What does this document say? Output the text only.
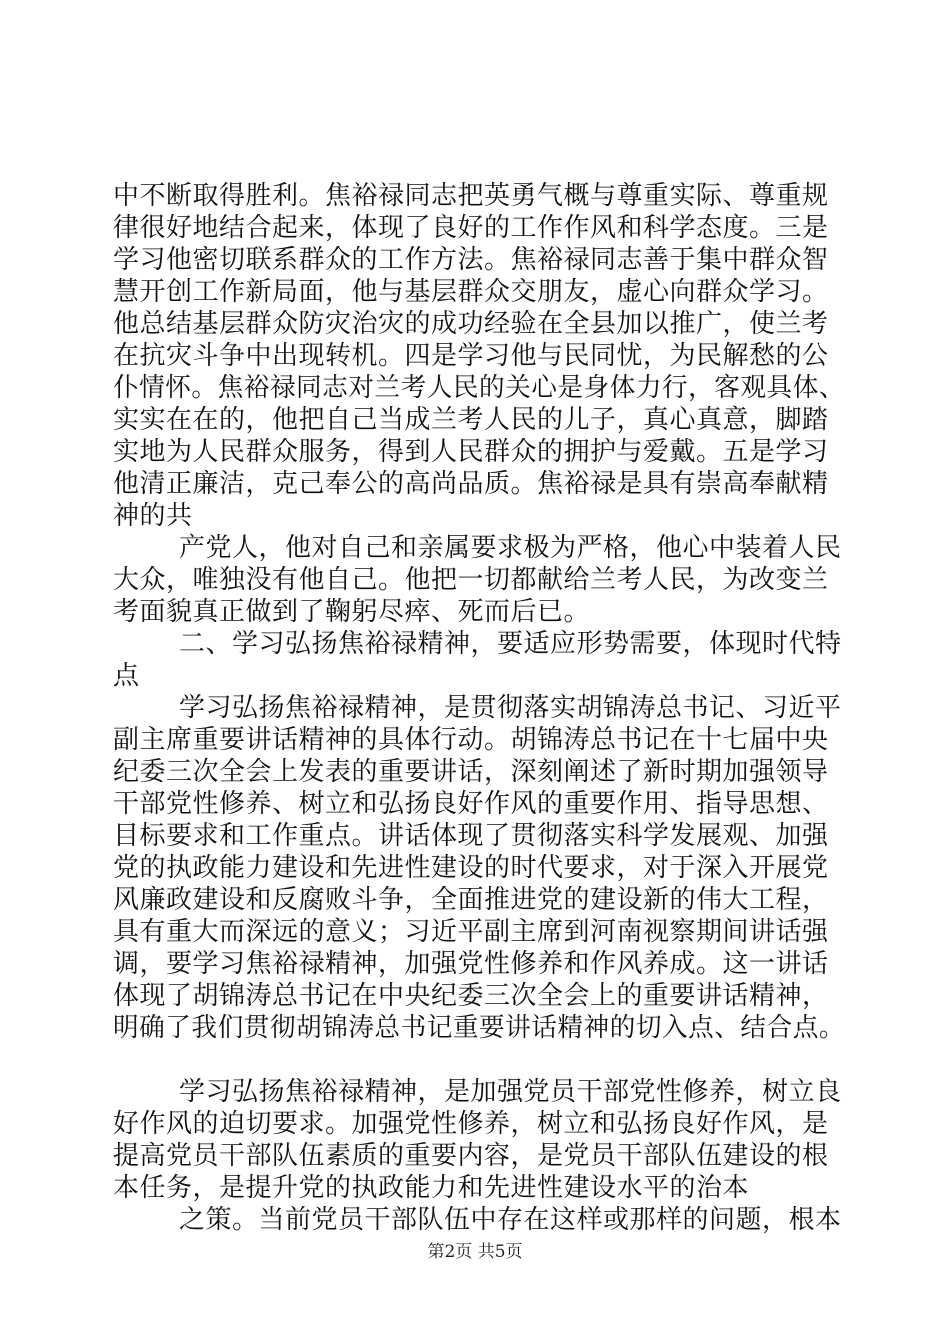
中不断取得胜利。焦裕禄同志把英勇气概与尊重实际、尊重规
律很好地结合起来，体现了良好的工作作风和科学态度。三是
学习他密切联系群众的工作方法。焦裕禄同志善于集中群众智
慧开创工作新局面，他与基层群众交朋友，虚心向群众学习。
他总结基层群众防灾治灾的成功经验在全县加以推广，使兰考
在抗灾斗争中出现转机。四是学习他与民同忧，为民解愁的公
仆情怀。焦裕禄同志对兰考人民的关心是身体力行，客观具体、
实实在在的，他把自己当成兰考人民的儿子，真心真意，脚踏
实地为人民群众服务，得到人民群众的拥护与爱戴。五是学习
他清正廉洁，克己奉公的高尚品质。焦裕禄是具有崇高奉献精
神的共
产党人，他对自己和亲属要求极为严格，他心中装着人民
大众，唯独没有他自己。他把一切都献给兰考人民，为改变兰
考面貌真正做到了鞠躬尽瘁、死而后已。
二、学习弘扬焦裕禄精神，要适应形势需要，体现时代特
点
学习弘扬焦裕禄精神，是贯彻落实胡锦涛总书记、习近平
副主席重要讲话精神的具体行动。胡锦涛总书记在十七届中央
纪委三次全会上发表的重要讲话，深刻阐述了新时期加强领导
干部党性修养、树立和弘扬良好作风的重要作用、指导思想、
目标要求和工作重点。讲话体现了贯彻落实科学发展观、加强
党的执政能力建设和先进性建设的时代要求，对于深入开展党
风廉政建设和反腐败斗争，全面推进党的建设新的伟大工程，
具有重大而深远的意义；习近平副主席到河南视察期间讲话强
调，要学习焦裕禄精神，加强党性修养和作风养成。这一讲话
体现了胡锦涛总书记在中央纪委三次全会上的重要讲话精神，
明确了我们贯彻胡锦涛总书记重要讲话精神的切入点、结合点。
学习弘扬焦裕禄精神，是加强党员干部党性修养，树立良
好作风的迫切要求。加强党性修养，树立和弘扬良好作风，是
提高党员干部队伍素质的重要内容，是党员干部队伍建设的根
本任务，是提升党的执政能力和先进性建设水平的治本
之策。当前党员干部队伍中存在这样或那样的问题，根本
第2页 共5页
